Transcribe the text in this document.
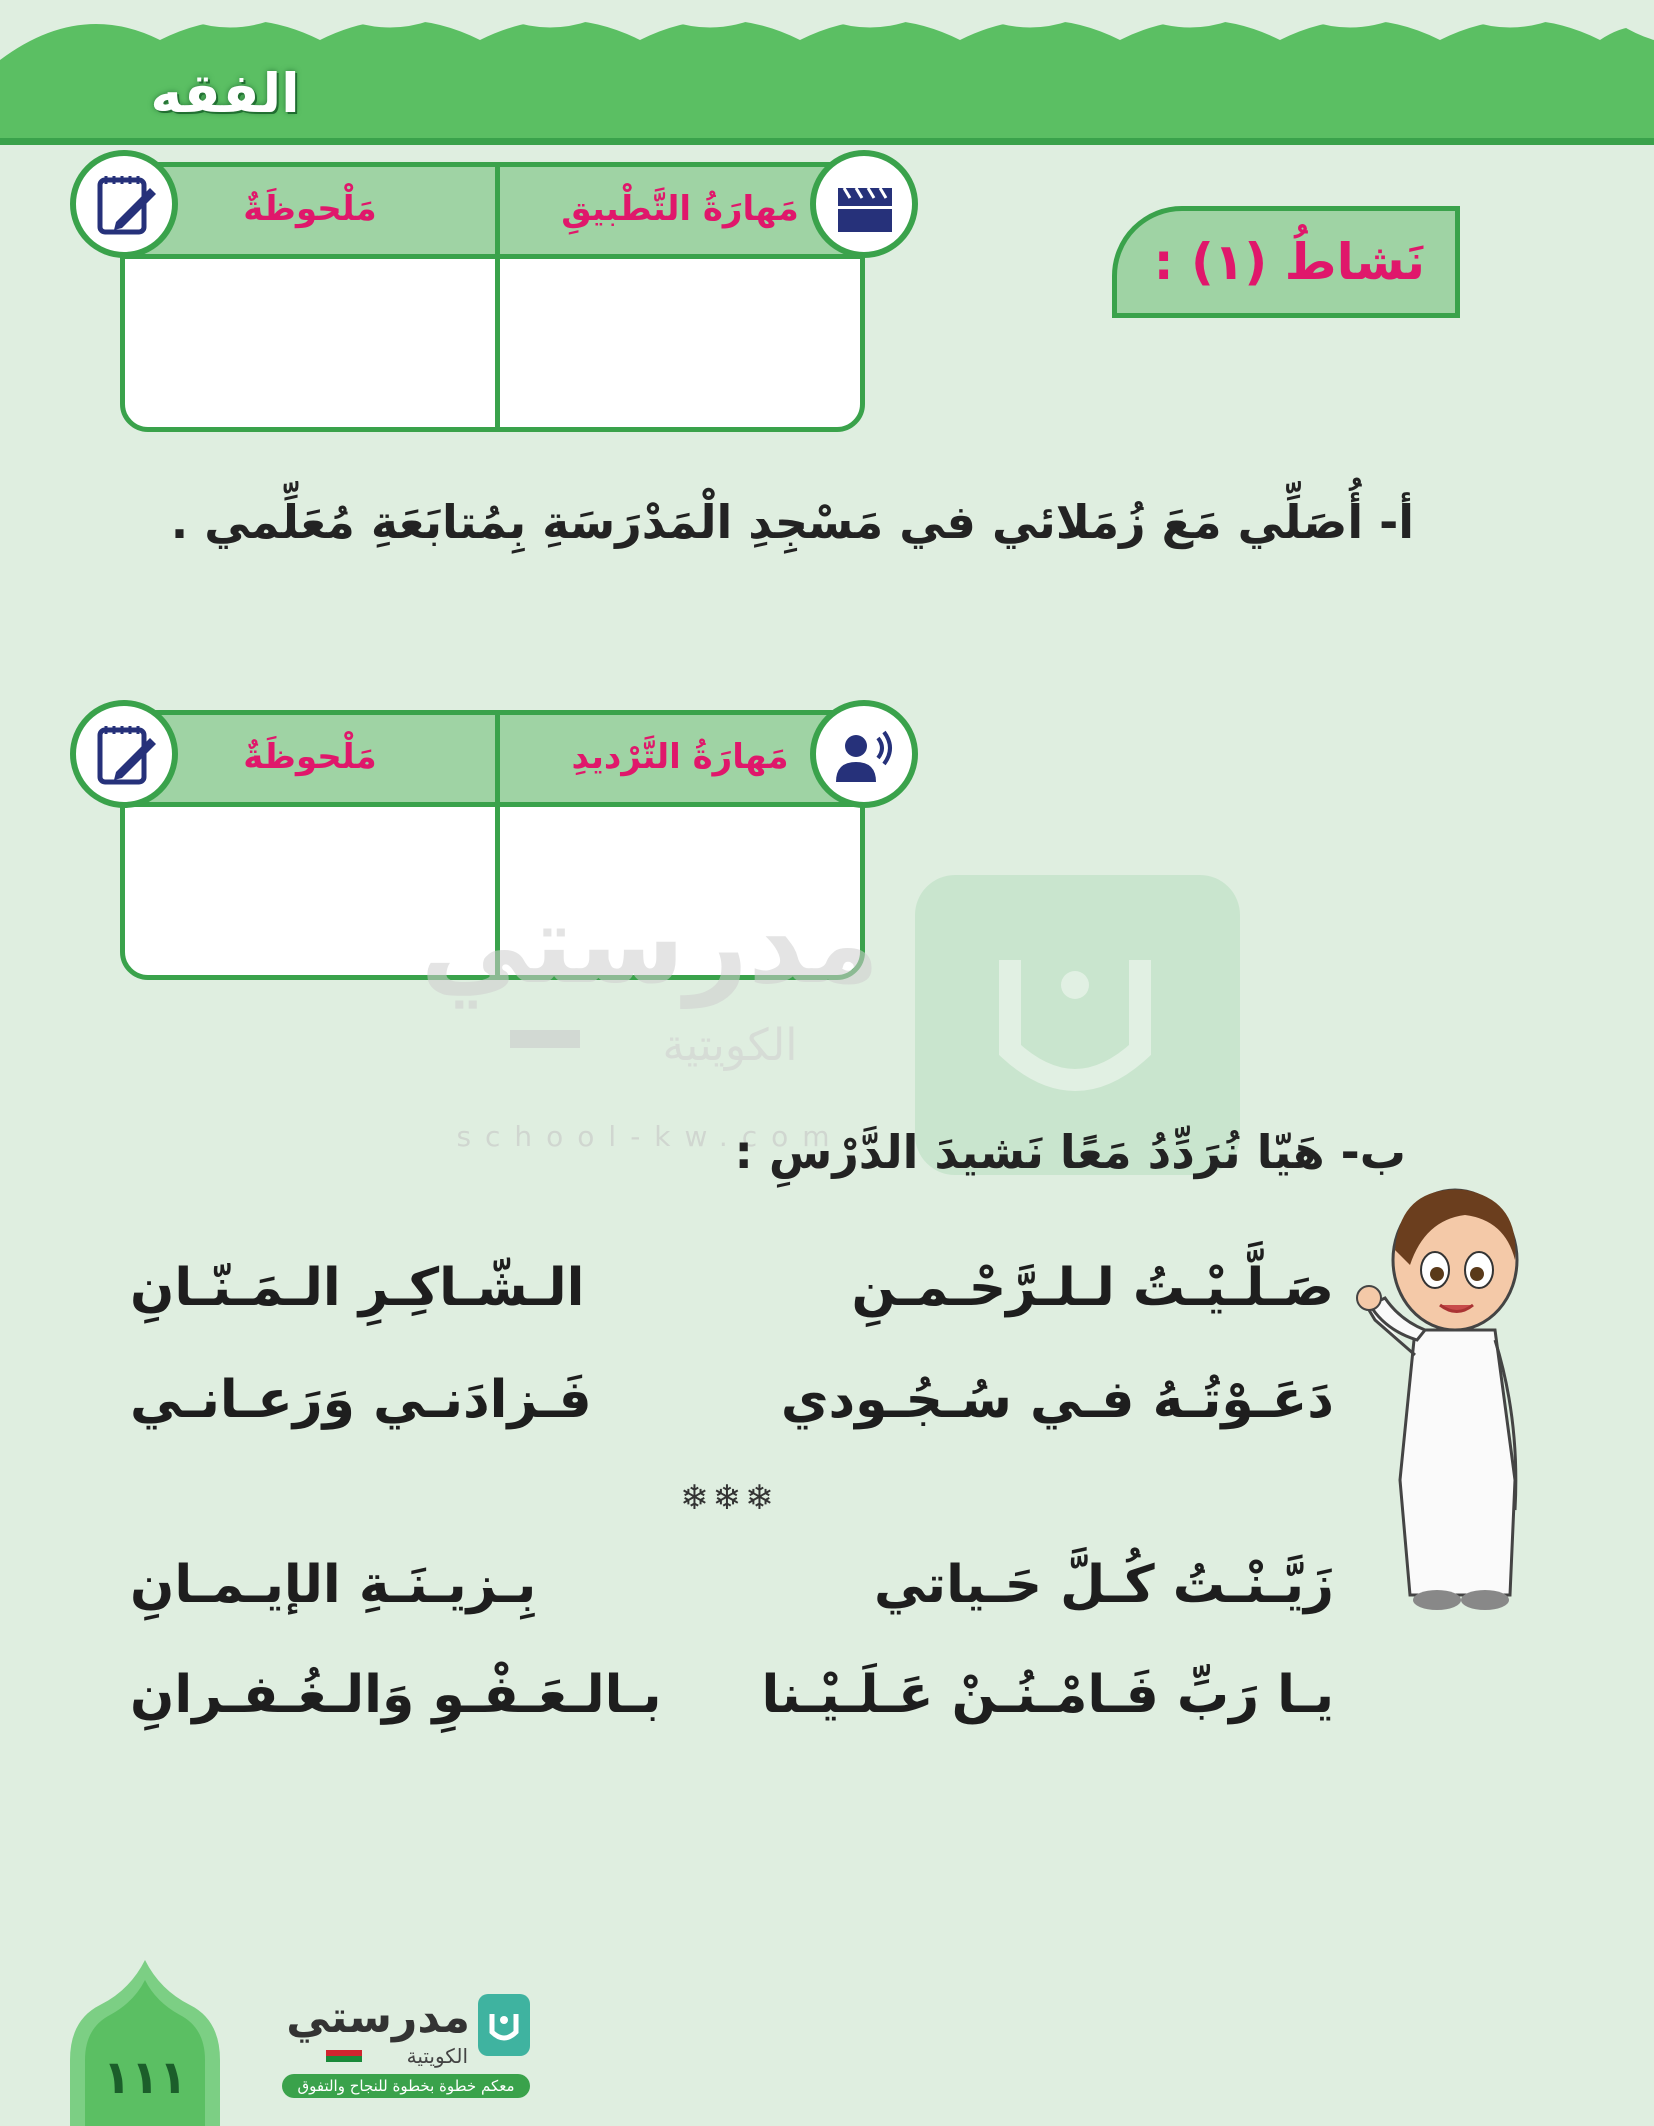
الفقه
نَشاطُ (١) :
مَهارَةُ التَّطْبيقِ
مَلْحوظَةٌ
أ- أُصَلِّي مَعَ زُمَلائي في مَسْجِدِ الْمَدْرَسَةِ بِمُتابَعَةِ مُعَلِّمي .
مَهارَةُ التَّرْديدِ
مَلْحوظَةٌ
مدرستي
الكويتية
school-kw.com
ب- هَيّا نُرَدِّدُ مَعًا نَشيدَ الدَّرْسِ :
صَـلَّـيْـتُ لـلـرَّحْـمـنِ
الـشّـاكِـرِ الـمَـنّـانِ
دَعَـوْتُـهُ فـي سُـجُـودي
فَـزادَنـي وَرَعـانـي
❄❄❄
زَيَّـنْـتُ كُـلَّ حَـياتي
بِـزيـنَـةِ الإيـمـانِ
يـا رَبِّ فَـامْـنُـنْ عَـلَـيْـنا
بـالـعَـفْـوِ وَالـغُـفـرانِ
١١١
مدرستي
الكويتية
معكم خطوة بخطوة للنجاح والتفوق
